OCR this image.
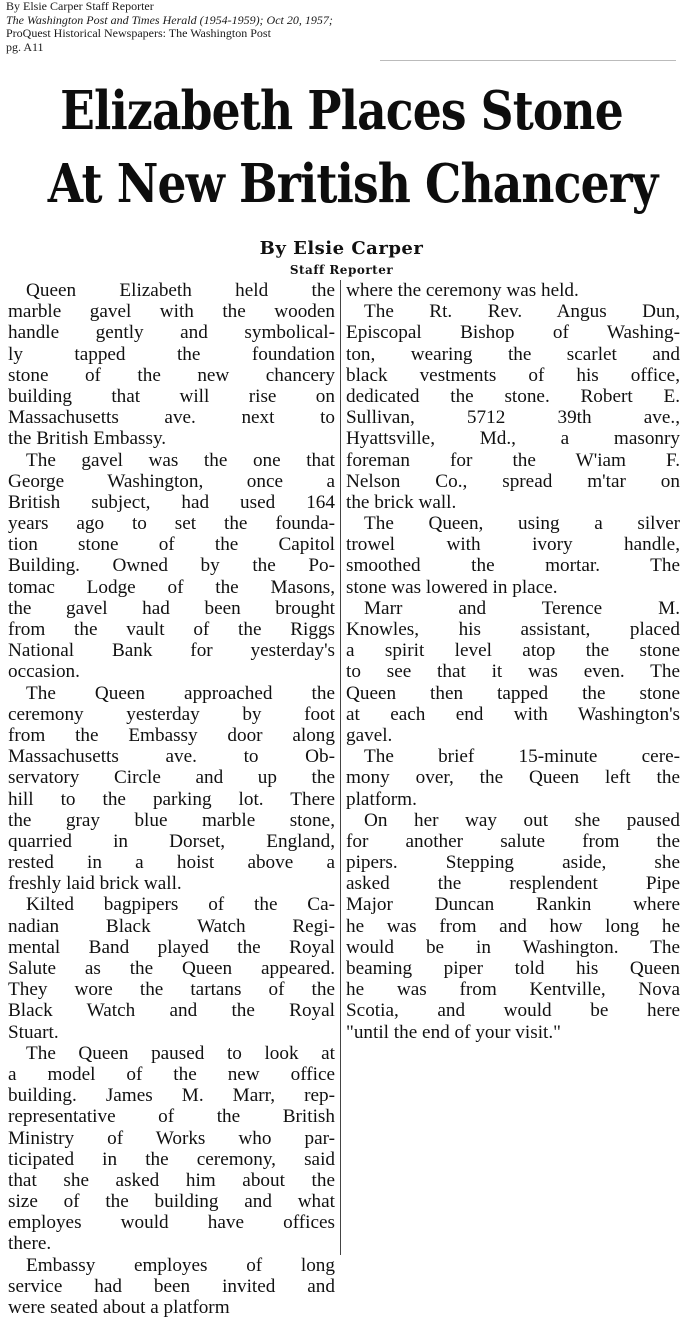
By Elsie Carper Staff Reporter
The Washington Post and Times Herald (1954-1959); Oct 20, 1957;
ProQuest Historical Newspapers: The Washington Post
pg. A11
Elizabeth Places Stone
At New British Chancery
By Elsie Carper
Staff Reporter
Queen Elizabeth held the
marble gavel with the wooden
handle gently and symbolical-
ly tapped the foundation
stone of the new chancery
building that will rise on
Massachusetts ave. next to
the British Embassy.
The gavel was the one that
George Washington, once a
British subject, had used 164
years ago to set the founda-
tion stone of the Capitol
Building. Owned by the Po-
tomac Lodge of the Masons,
the gavel had been brought
from the vault of the Riggs
National Bank for yesterday's
occasion.
The Queen approached the
ceremony yesterday by foot
from the Embassy door along
Massachusetts ave. to Ob-
servatory Circle and up the
hill to the parking lot. There
the gray blue marble stone,
quarried in Dorset, England,
rested in a hoist above a
freshly laid brick wall.
Kilted bagpipers of the Ca-
nadian Black Watch Regi-
mental Band played the Royal
Salute as the Queen appeared.
They wore the tartans of the
Black Watch and the Royal
Stuart.
The Queen paused to look at
a model of the new office
building. James M. Marr, rep-
representative of the British
Ministry of Works who par-
ticipated in the ceremony, said
that she asked him about the
size of the building and what
employes would have offices
there.
Embassy employes of long
service had been invited and
were seated about a platform
where the ceremony was held.
The Rt. Rev. Angus Dun,
Episcopal Bishop of Washing-
ton, wearing the scarlet and
black vestments of his office,
dedicated the stone. Robert E.
Sullivan, 5712 39th ave.,
Hyattsville, Md., a masonry
foreman for the W'iam F.
Nelson Co., spread m'tar on
the brick wall.
The Queen, using a silver
trowel with ivory handle,
smoothed the mortar. The
stone was lowered in place.
Marr and Terence M.
Knowles, his assistant, placed
a spirit level atop the stone
to see that it was even. The
Queen then tapped the stone
at each end with Washington's
gavel.
The brief 15-minute cere-
mony over, the Queen left the
platform.
On her way out she paused
for another salute from the
pipers. Stepping aside, she
asked the resplendent Pipe
Major Duncan Rankin where
he was from and how long he
would be in Washington. The
beaming piper told his Queen
he was from Kentville, Nova
Scotia, and would be here
"until the end of your visit."
